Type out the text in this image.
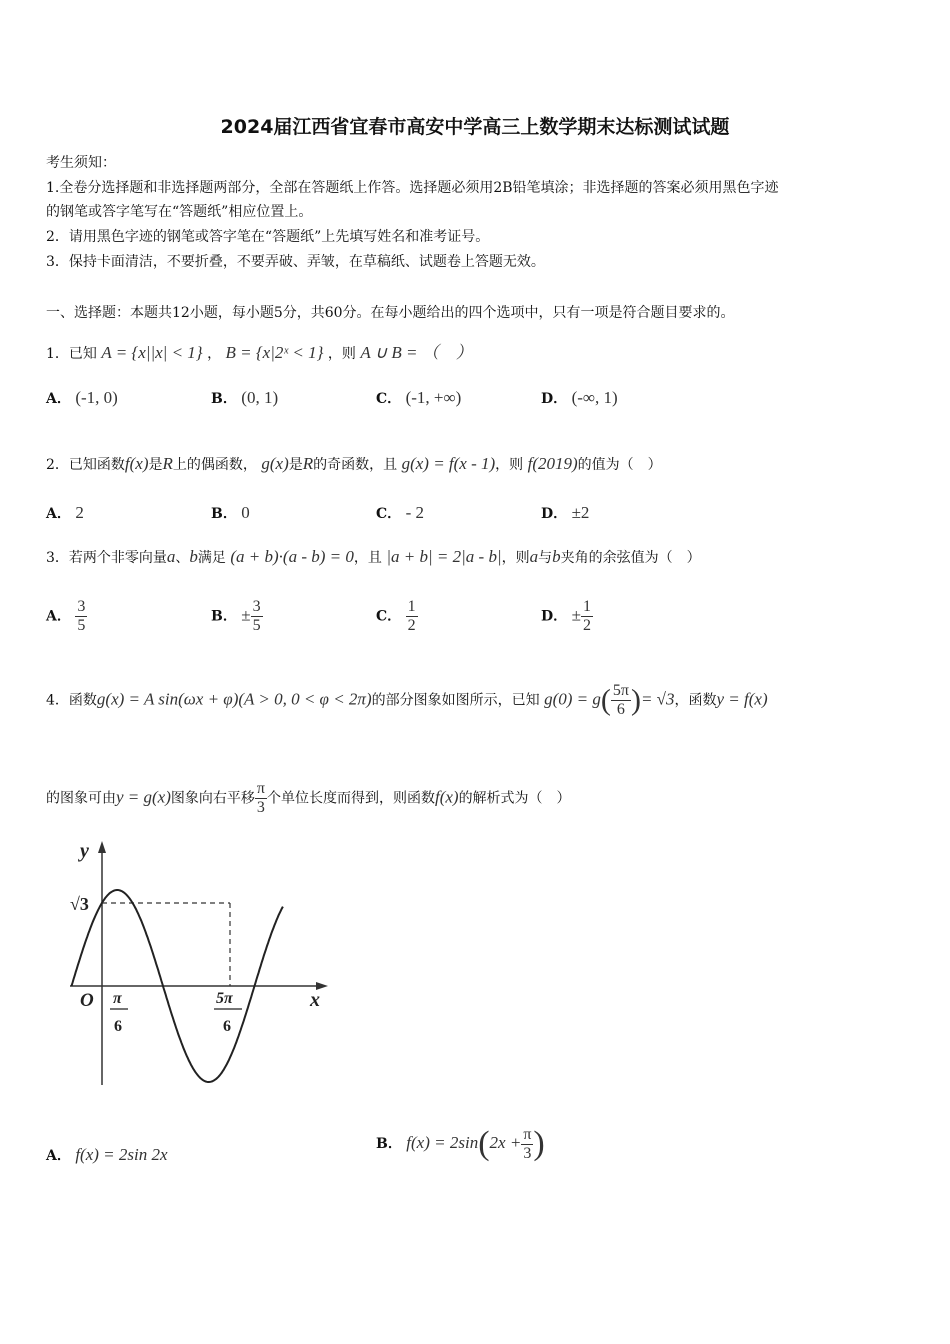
2024届江西省宜春市高安中学高三上数学期末达标测试试题
考生须知：
1.全卷分选择题和非选择题两部分，全部在答题纸上作答。选择题必须用2B铅笔填涂；非选择题的答案必须用黑色字迹
的钢笔或答字笔写在“答题纸”相应位置上。
2．请用黑色字迹的钢笔或答字笔在“答题纸”上先填写姓名和准考证号。
3．保持卡面清洁，不要折叠，不要弄破、弄皱，在草稿纸、试题卷上答题无效。
一、选择题：本题共12小题，每小题5分，共60分。在每小题给出的四个选项中，只有一项是符合题目要求的。
1．已知 A = {x||x| < 1} ， B = {x|2ˣ < 1} ，则 A ∪ B = （　）
A． (-1, 0)	B． (0, 1)	C． (-1, +∞)	D． (-∞, 1)
2．已知函数f(x)是R上的偶函数， g(x)是R的奇函数，且 g(x) = f(x - 1)，则 f(2019)的值为（　）
A． 2	B． 0	C． - 2	D． ±2
3．若两个非零向量a、b满足 (a + b)·(a - b) = 0，且 |a + b| = 2|a - b|，则a与b夹角的余弦值为（　）
A． $\frac{3}{5}$	B． ± $\frac{3}{5}$	C． $\frac{1}{2}$	D． ± $\frac{1}{2}$
4．函数g(x) = A sin(ωx + φ)(A > 0, 0 < φ < 2π)的部分图象如图所示，已知 $g(0) = g( \frac{5\pi}{6}$ )= √3，函数y = f(x)
的图象可由y = g(x)图象向右平移 $\frac{\pi}{3}$ 个单位长度而得到，则函数f(x)的解析式为（　）
y
x
O
√3
π
6
5π
6
A． f(x) = 2sin 2x
B． $f(x) = 2\sin(2x + \frac{\pi}{3}$ )
